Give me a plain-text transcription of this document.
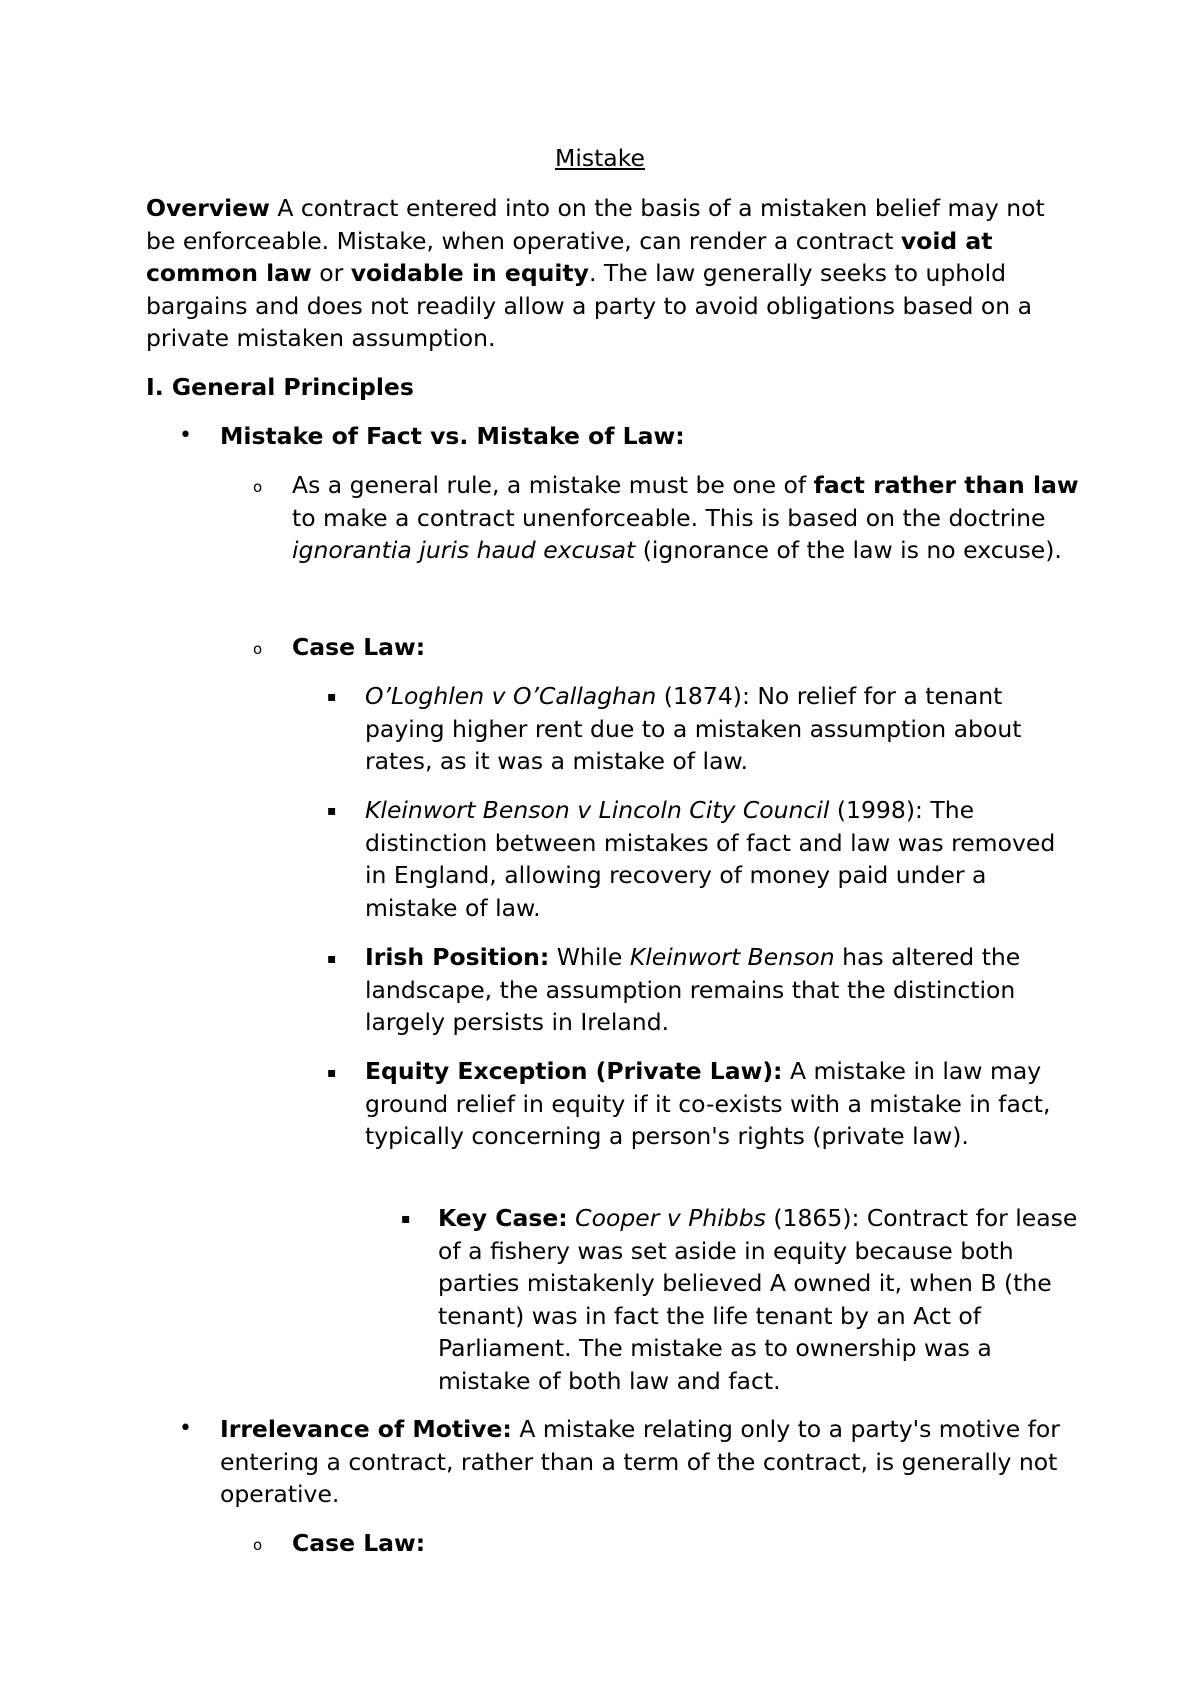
Mistake
Overview A contract entered into on the basis of a mistaken belief may not be enforceable. Mistake, when operative, can render a contract void at common law or voidable in equity. The law generally seeks to uphold bargains and does not readily allow a party to avoid obligations based on a private mistaken assumption.
I. General Principles
• Mistake of Fact vs. Mistake of Law:
o As a general rule, a mistake must be one of fact rather than law to make a contract unenforceable. This is based on the doctrine ignorantia juris haud excusat (ignorance of the law is no excuse).
o Case Law:
▪ O’Loghlen v O’Callaghan (1874): No relief for a tenant paying higher rent due to a mistaken assumption about rates, as it was a mistake of law.
▪ Kleinwort Benson v Lincoln City Council (1998): The distinction between mistakes of fact and law was removed in England, allowing recovery of money paid under a mistake of law.
▪ Irish Position: While Kleinwort Benson has altered the landscape, the assumption remains that the distinction largely persists in Ireland.
▪ Equity Exception (Private Law): A mistake in law may ground relief in equity if it co-exists with a mistake in fact, typically concerning a person's rights (private law).
▪ Key Case: Cooper v Phibbs (1865): Contract for lease of a fishery was set aside in equity because both parties mistakenly believed A owned it, when B (the tenant) was in fact the life tenant by an Act of Parliament. The mistake as to ownership was a mistake of both law and fact.
• Irrelevance of Motive: A mistake relating only to a party's motive for entering a contract, rather than a term of the contract, is generally not operative.
o Case Law:
